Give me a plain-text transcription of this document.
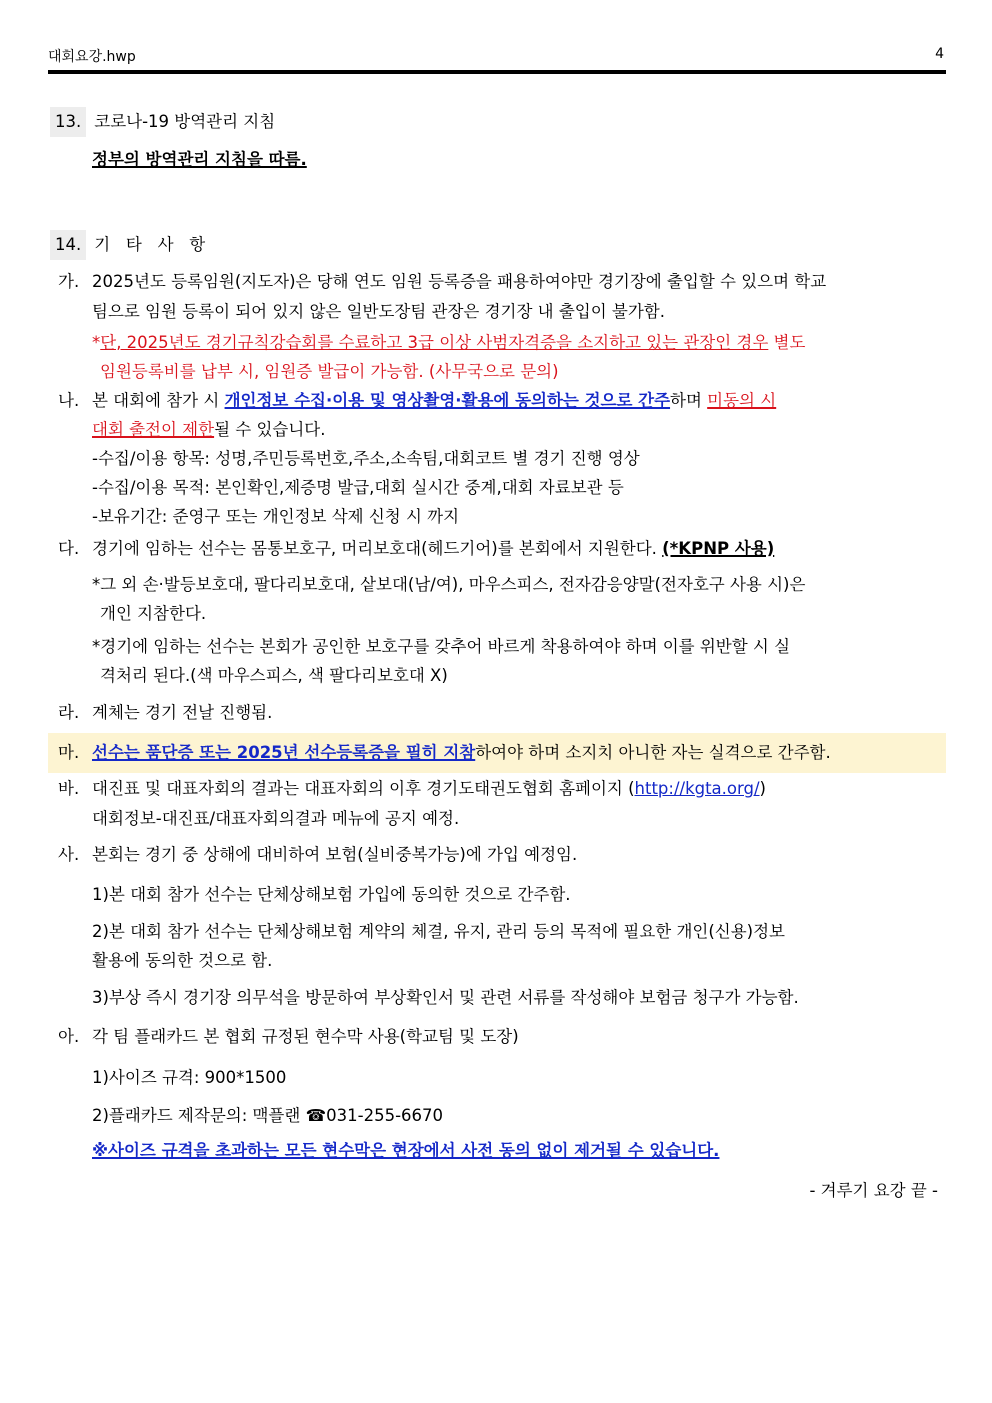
대회요강.hwp	4
13. 코로나-19 방역관리 지침
정부의 방역관리 지침을 따름.
14. 기   타   사   항
가. 2025년도 등록임원(지도자)은 당해 연도 임원 등록증을 패용하여야만 경기장에 출입할 수 있으며 학교
팀으로 임원 등록이 되어 있지 않은 일반도장팀 관장은 경기장 내 출입이 불가함.
*단, 2025년도 경기규칙강습회를 수료하고 3급 이상 사범자격증을 소지하고 있는 관장인 경우 별도
임원등록비를 납부 시, 임원증 발급이 가능함. (사무국으로 문의)
나. 본 대회에 참가 시 개인정보 수집·이용 및 영상촬영·활용에 동의하는 것으로 간주하며 미동의 시
대회 출전이 제한될 수 있습니다.
-수집/이용 항목: 성명,주민등록번호,주소,소속팀,대회코트 별 경기 진행 영상
-수집/이용 목적: 본인확인,제증명 발급,대회 실시간 중계,대회 자료보관 등
-보유기간: 준영구 또는 개인정보 삭제 신청 시 까지
다. 경기에 임하는 선수는 몸통보호구, 머리보호대(헤드기어)를 본회에서 지원한다. (*KPNP 사용)
*그 외 손·발등보호대, 팔다리보호대, 샅보대(남/여), 마우스피스, 전자감응양말(전자호구 사용 시)은
개인 지참한다.
*경기에 임하는 선수는 본회가 공인한 보호구를 갖추어 바르게 착용하여야 하며 이를 위반할 시 실
격처리 된다.(색 마우스피스, 색 팔다리보호대 X)
라. 계체는 경기 전날 진행됨.
마. 선수는 품단증 또는 2025년 선수등록증을 필히 지참하여야 하며 소지치 아니한 자는 실격으로 간주함.
바. 대진표 및 대표자회의 결과는 대표자회의 이후 경기도태권도협회 홈페이지 (http://kgta.org/)
대회정보-대진표/대표자회의결과 메뉴에 공지 예정.
사. 본회는 경기 중 상해에 대비하여 보험(실비중복가능)에 가입 예정임.
1)본 대회 참가 선수는 단체상해보험 가입에 동의한 것으로 간주함.
2)본 대회 참가 선수는 단체상해보험 계약의 체결, 유지, 관리 등의 목적에 필요한 개인(신용)정보
활용에 동의한 것으로 함.
3)부상 즉시 경기장 의무석을 방문하여 부상확인서 및 관련 서류를 작성해야 보험금 청구가 가능함.
아. 각 팀 플래카드 본 협회 규정된 현수막 사용(학교팀 및 도장)
1)사이즈 규격: 900*1500
2)플래카드 제작문의: 맥플랜 ☎031-255-6670
※사이즈 규격을 초과하는 모든 현수막은 현장에서 사전 동의 없이 제거될 수 있습니다.
- 겨루기 요강 끝 -
